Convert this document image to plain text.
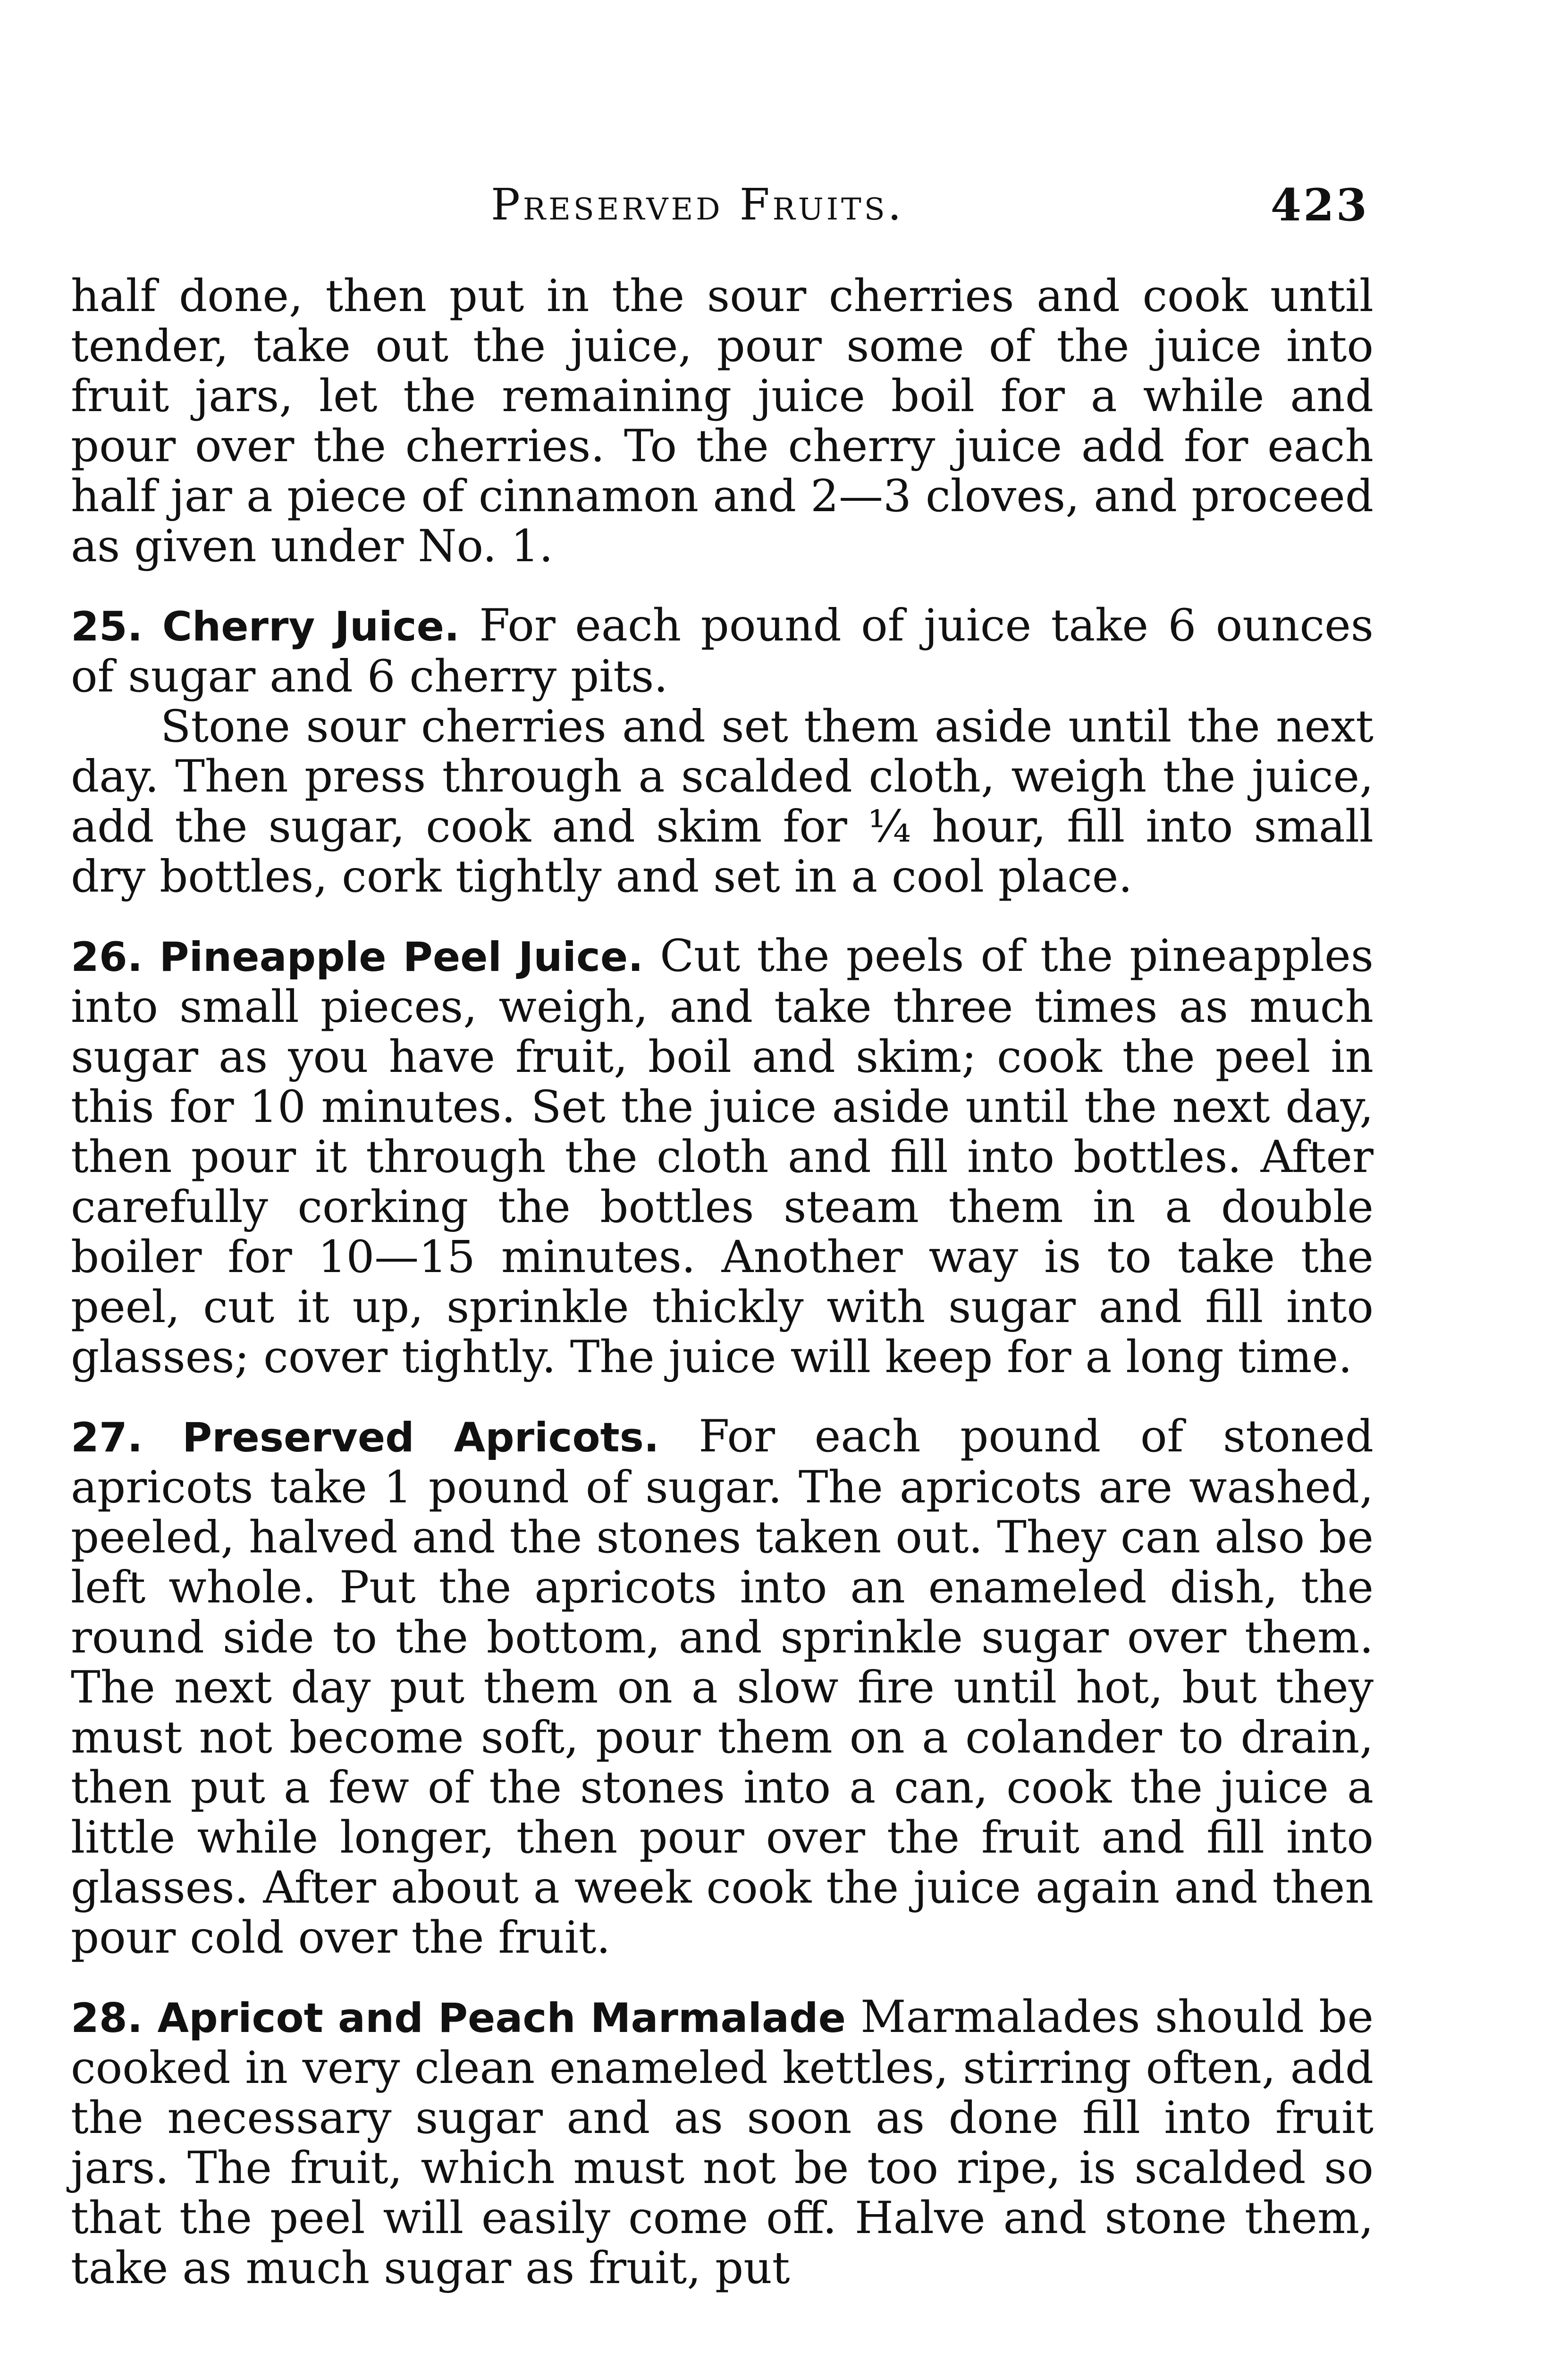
Preserved Fruits.	423

half done, then put in the sour cherries and cook until tender, take out the juice, pour some of the juice into fruit jars, let the remaining juice boil for a while and pour over the cherries. To the cherry juice add for each half jar a piece of cinnamon and 2—3 cloves, and proceed as given under No. 1.

25. Cherry Juice. For each pound of juice take 6 ounces of sugar and 6 cherry pits.

Stone sour cherries and set them aside until the next day. Then press through a scalded cloth, weigh the juice, add the sugar, cook and skim for ¼ hour, fill into small dry bottles, cork tightly and set in a cool place.

26. Pineapple Peel Juice. Cut the peels of the pineapples into small pieces, weigh, and take three times as much sugar as you have fruit, boil and skim; cook the peel in this for 10 minutes. Set the juice aside until the next day, then pour it through the cloth and fill into bottles. After carefully corking the bottles steam them in a double boiler for 10—15 minutes. Another way is to take the peel, cut it up, sprinkle thickly with sugar and fill into glasses; cover tightly. The juice will keep for a long time.

27. Preserved Apricots. For each pound of stoned apricots take 1 pound of sugar. The apricots are washed, peeled, halved and the stones taken out. They can also be left whole. Put the apricots into an enameled dish, the round side to the bottom, and sprinkle sugar over them. The next day put them on a slow fire until hot, but they must not become soft, pour them on a colander to drain, then put a few of the stones into a can, cook the juice a little while longer, then pour over the fruit and fill into glasses. After about a week cook the juice again and then pour cold over the fruit.

28. Apricot and Peach Marmalade Marmalades should be cooked in very clean enameled kettles, stirring often, add the necessary sugar and as soon as done fill into fruit jars. The fruit, which must not be too ripe, is scalded so that the peel will easily come off. Halve and stone them, take as much sugar as fruit, put
